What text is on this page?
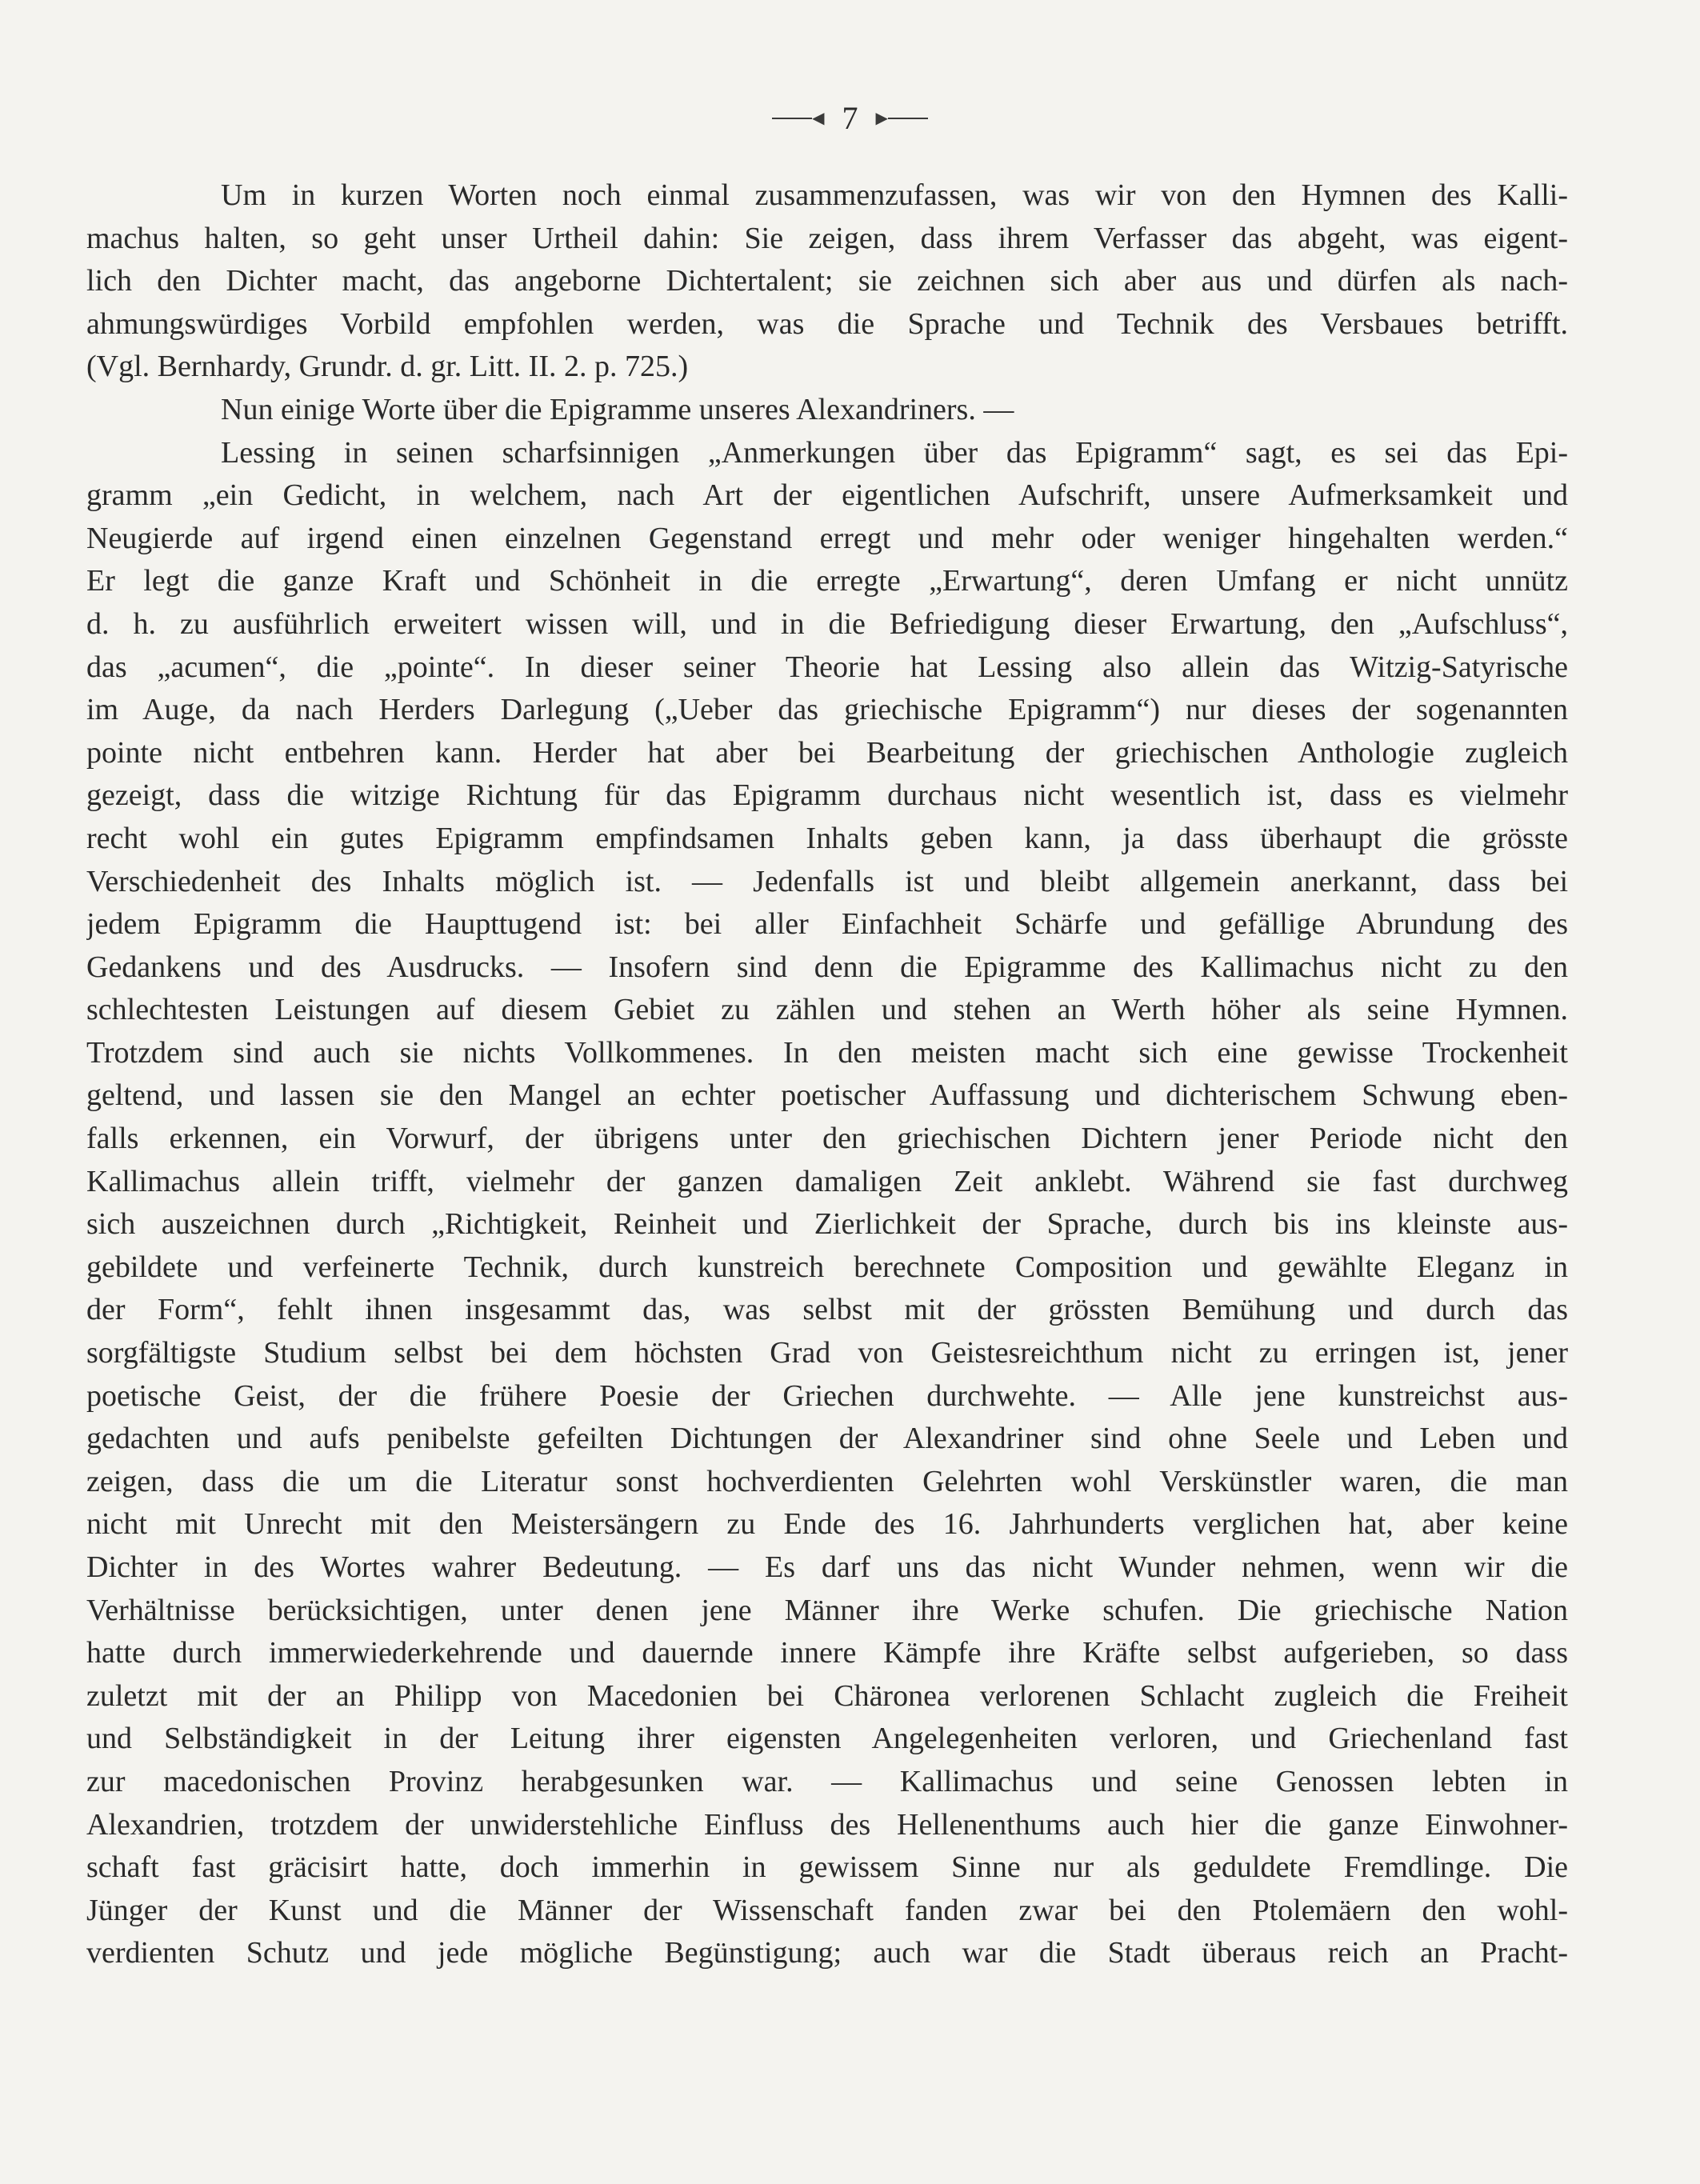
◀ 7 ▶
Um in kurzen Worten noch einmal zusammenzufassen, was wir von den Hymnen des Kalli-
machus halten, so geht unser Urtheil dahin: Sie zeigen, dass ihrem Verfasser das abgeht, was eigent-
lich den Dichter macht, das angeborne Dichtertalent; sie zeichnen sich aber aus und dürfen als nach-
ahmungswürdiges Vorbild empfohlen werden, was die Sprache und Technik des Versbaues betrifft.
(Vgl. Bernhardy, Grundr. d. gr. Litt. II. 2. p. 725.)
Nun einige Worte über die Epigramme unseres Alexandriners. —
Lessing in seinen scharfsinnigen „Anmerkungen über das Epigramm“ sagt, es sei das Epi-
gramm „ein Gedicht, in welchem, nach Art der eigentlichen Aufschrift, unsere Aufmerksamkeit und
Neugierde auf irgend einen einzelnen Gegenstand erregt und mehr oder weniger hingehalten werden.“
Er legt die ganze Kraft und Schönheit in die erregte „Erwartung“, deren Umfang er nicht unnütz
d. h. zu ausführlich erweitert wissen will, und in die Befriedigung dieser Erwartung, den „Aufschluss“,
das „acumen“, die „pointe“. In dieser seiner Theorie hat Lessing also allein das Witzig-Satyrische
im Auge, da nach Herders Darlegung („Ueber das griechische Epigramm“) nur dieses der sogenannten
pointe nicht entbehren kann. Herder hat aber bei Bearbeitung der griechischen Anthologie zugleich
gezeigt, dass die witzige Richtung für das Epigramm durchaus nicht wesentlich ist, dass es vielmehr
recht wohl ein gutes Epigramm empfindsamen Inhalts geben kann, ja dass überhaupt die grösste
Verschiedenheit des Inhalts möglich ist. — Jedenfalls ist und bleibt allgemein anerkannt, dass bei
jedem Epigramm die Haupttugend ist: bei aller Einfachheit Schärfe und gefällige Abrundung des
Gedankens und des Ausdrucks. — Insofern sind denn die Epigramme des Kallimachus nicht zu den
schlechtesten Leistungen auf diesem Gebiet zu zählen und stehen an Werth höher als seine Hymnen.
Trotzdem sind auch sie nichts Vollkommenes. In den meisten macht sich eine gewisse Trockenheit
geltend, und lassen sie den Mangel an echter poetischer Auffassung und dichterischem Schwung eben-
falls erkennen, ein Vorwurf, der übrigens unter den griechischen Dichtern jener Periode nicht den
Kallimachus allein trifft, vielmehr der ganzen damaligen Zeit anklebt. Während sie fast durchweg
sich auszeichnen durch „Richtigkeit, Reinheit und Zierlichkeit der Sprache, durch bis ins kleinste aus-
gebildete und verfeinerte Technik, durch kunstreich berechnete Composition und gewählte Eleganz in
der Form“, fehlt ihnen insgesammt das, was selbst mit der grössten Bemühung und durch das
sorgfältigste Studium selbst bei dem höchsten Grad von Geistesreichthum nicht zu erringen ist, jener
poetische Geist, der die frühere Poesie der Griechen durchwehte. — Alle jene kunstreichst aus-
gedachten und aufs penibelste gefeilten Dichtungen der Alexandriner sind ohne Seele und Leben und
zeigen, dass die um die Literatur sonst hochverdienten Gelehrten wohl Verskünstler waren, die man
nicht mit Unrecht mit den Meistersängern zu Ende des 16. Jahrhunderts verglichen hat, aber keine
Dichter in des Wortes wahrer Bedeutung. — Es darf uns das nicht Wunder nehmen, wenn wir die
Verhältnisse berücksichtigen, unter denen jene Männer ihre Werke schufen. Die griechische Nation
hatte durch immerwiederkehrende und dauernde innere Kämpfe ihre Kräfte selbst aufgerieben, so dass
zuletzt mit der an Philipp von Macedonien bei Chäronea verlorenen Schlacht zugleich die Freiheit
und Selbständigkeit in der Leitung ihrer eigensten Angelegenheiten verloren, und Griechenland fast
zur macedonischen Provinz herabgesunken war. — Kallimachus und seine Genossen lebten in
Alexandrien, trotzdem der unwiderstehliche Einfluss des Hellenenthums auch hier die ganze Einwohner-
schaft fast gräcisirt hatte, doch immerhin in gewissem Sinne nur als geduldete Fremdlinge. Die
Jünger der Kunst und die Männer der Wissenschaft fanden zwar bei den Ptolemäern den wohl-
verdienten Schutz und jede mögliche Begünstigung; auch war die Stadt überaus reich an Pracht-
